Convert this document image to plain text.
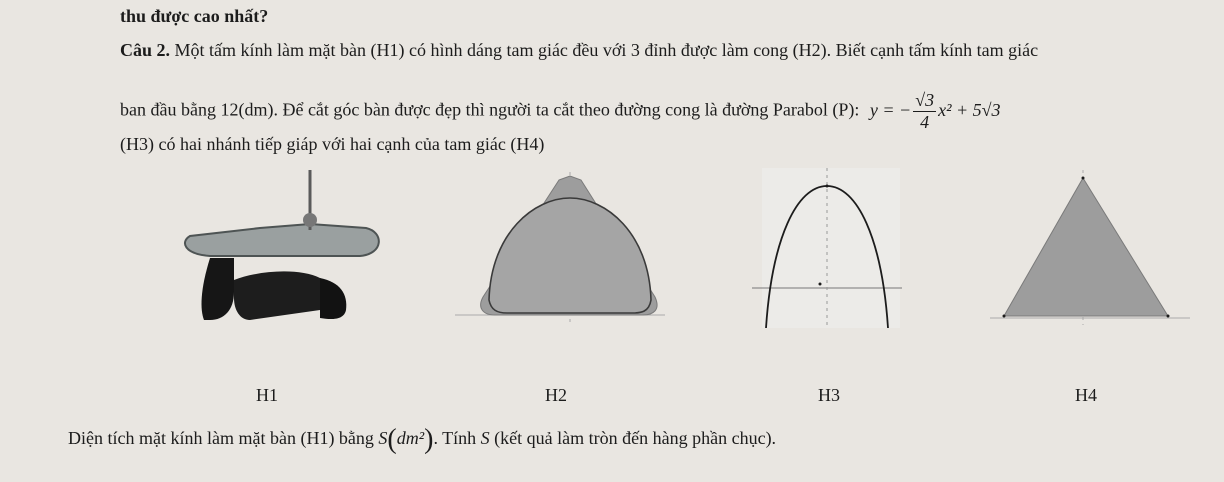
thu được cao nhất?
Câu 2. Một tấm kính làm mặt bàn (H1) có hình dáng tam giác đều với 3 đỉnh được làm cong (H2). Biết cạnh tấm kính tam giác
ban đầu bằng 12(dm). Để cắt góc bàn được đẹp thì người ta cắt theo đường cong là đường Parabol (P): y = − $\frac{√3}{4} x^2 + 5√3$
(H3) có hai nhánh tiếp giáp với hai cạnh của tam giác (H4)
H1	H2	H3	H4
Diện tích mặt kính làm mặt bàn (H1) bằng S(dm²). Tính S (kết quả làm tròn đến hàng phần chục).
